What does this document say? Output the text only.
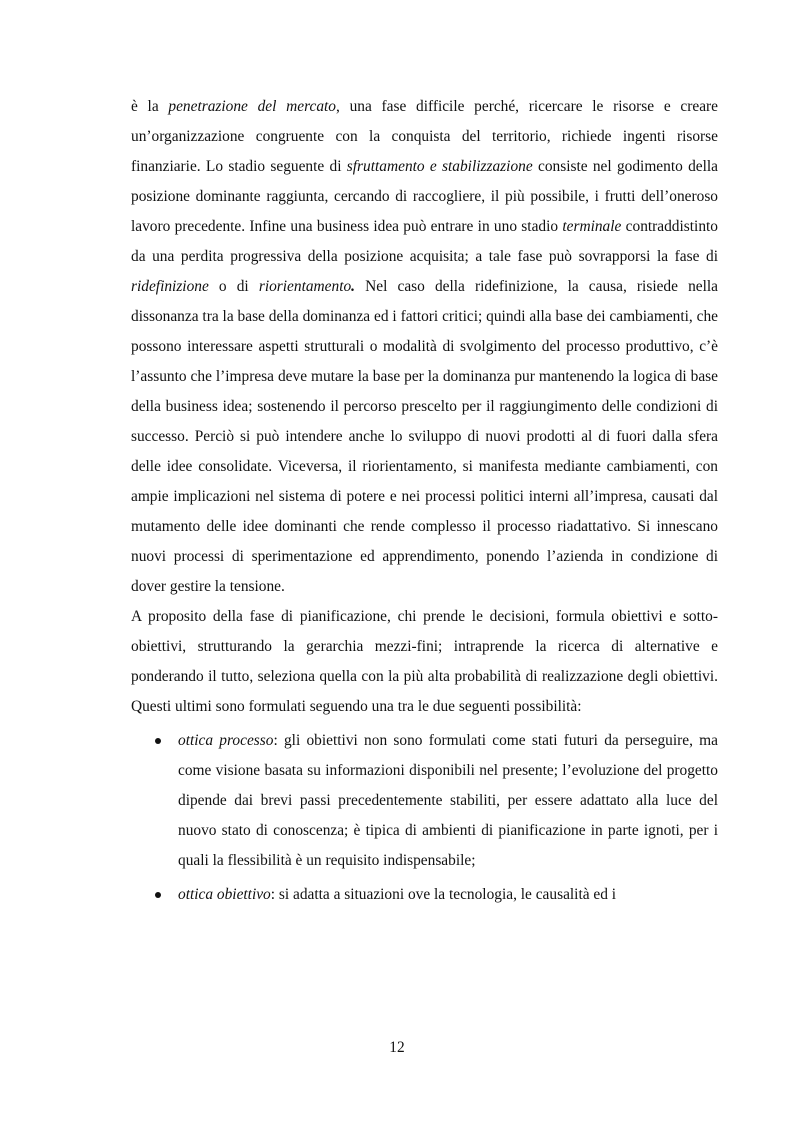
è la penetrazione del mercato, una fase difficile perché, ricercare le risorse e creare un’organizzazione congruente con la conquista del territorio, richiede ingenti risorse finanziarie. Lo stadio seguente di sfruttamento e stabilizzazione consiste nel godimento della posizione dominante raggiunta, cercando di raccogliere, il più possibile, i frutti dell’oneroso lavoro precedente. Infine una business idea può entrare in uno stadio terminale contraddistinto da una perdita progressiva della posizione acquisita; a tale fase può sovrapporsi la fase di ridefinizione o di riorientamento. Nel caso della ridefinizione, la causa, risiede nella dissonanza tra la base della dominanza ed i fattori critici; quindi alla base dei cambiamenti, che possono interessare aspetti strutturali o modalità di svolgimento del processo produttivo, c’è l’assunto che l’impresa deve mutare la base per la dominanza pur mantenendo la logica di base della business idea; sostenendo il percorso prescelto per il raggiungimento delle condizioni di successo. Perciò si può intendere anche lo sviluppo di nuovi prodotti al di fuori dalla sfera delle idee consolidate. Viceversa, il riorientamento, si manifesta mediante cambiamenti, con ampie implicazioni nel sistema di potere e nei processi politici interni all’impresa, causati dal mutamento delle idee dominanti che rende complesso il processo riadattativo. Si innescano nuovi processi di sperimentazione ed apprendimento, ponendo l’azienda in condizione di dover gestire la tensione.

A proposito della fase di pianificazione, chi prende le decisioni, formula obiettivi e sotto-obiettivi, strutturando la gerarchia mezzi-fini; intraprende la ricerca di alternative e ponderando il tutto, seleziona quella con la più alta probabilità di realizzazione degli obiettivi. Questi ultimi sono formulati seguendo una tra le due seguenti possibilità:

ottica processo: gli obiettivi non sono formulati come stati futuri da perseguire, ma come visione basata su informazioni disponibili nel presente; l’evoluzione del progetto dipende dai brevi passi precedentemente stabiliti, per essere adattato alla luce del nuovo stato di conoscenza; è tipica di ambienti di pianificazione in parte ignoti, per i quali la flessibilità è un requisito indispensabile;
ottica obiettivo: si adatta a situazioni ove la tecnologia, le causalità ed i
12
